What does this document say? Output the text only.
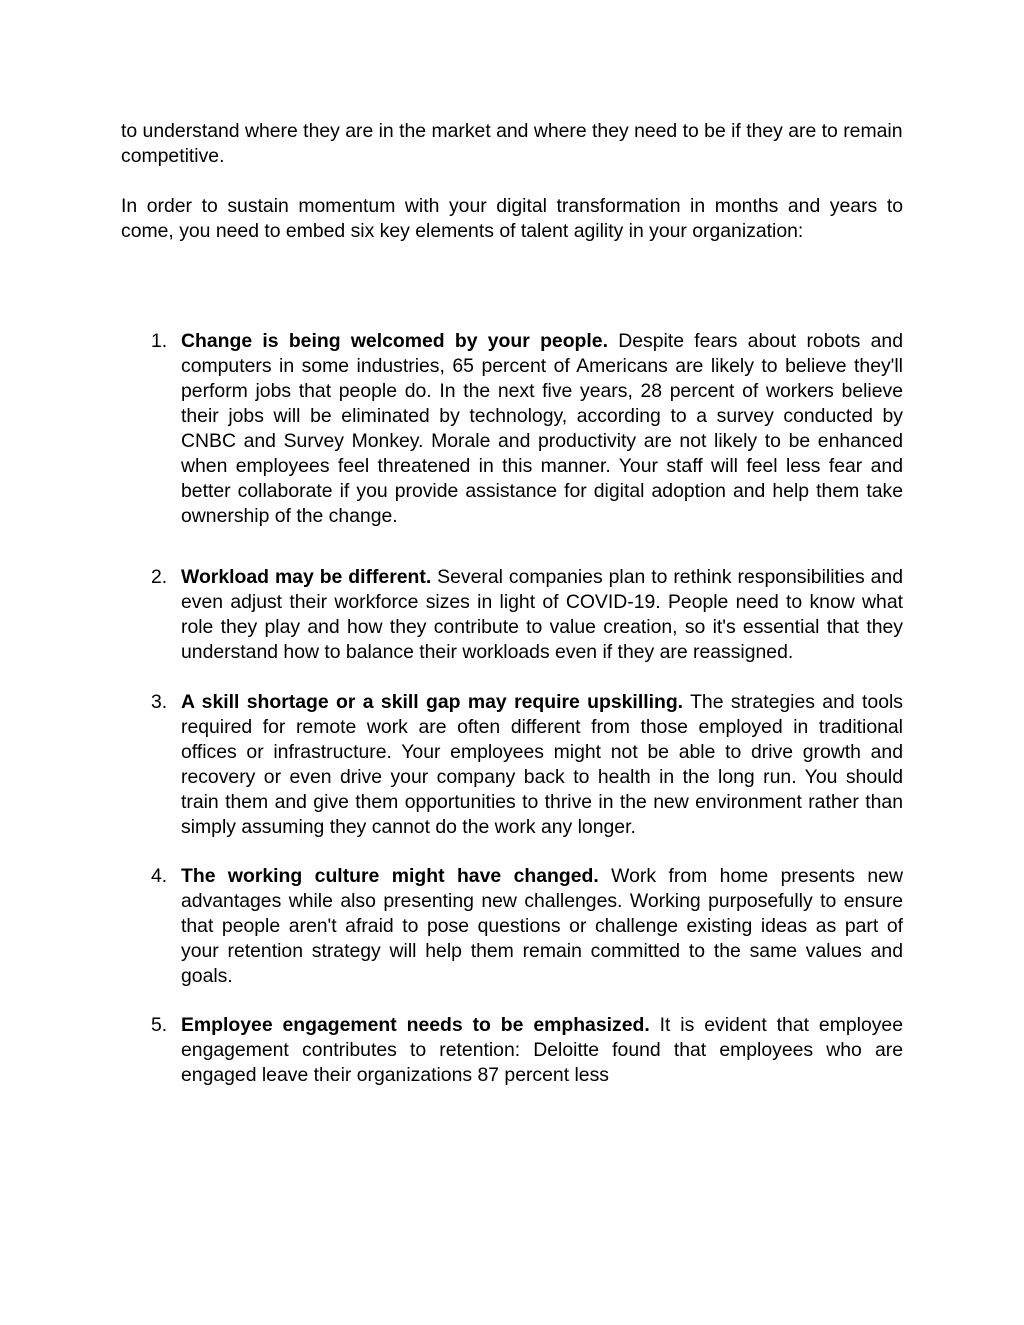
to understand where they are in the market and where they need to be if they are to remain competitive.

In order to sustain momentum with your digital transformation in months and years to come, you need to embed six key elements of talent agility in your organization:

1. Change is being welcomed by your people. Despite fears about robots and computers in some industries, 65 percent of Americans are likely to believe they'll perform jobs that people do. In the next five years, 28 percent of workers believe their jobs will be eliminated by technology, according to a survey conducted by CNBC and Survey Monkey. Morale and productivity are not likely to be enhanced when employees feel threatened in this manner. Your staff will feel less fear and better collaborate if you provide assistance for digital adoption and help them take ownership of the change.
2. Workload may be different. Several companies plan to rethink responsibilities and even adjust their workforce sizes in light of COVID-19. People need to know what role they play and how they contribute to value creation, so it's essential that they understand how to balance their workloads even if they are reassigned.
3. A skill shortage or a skill gap may require upskilling. The strategies and tools required for remote work are often different from those employed in traditional offices or infrastructure. Your employees might not be able to drive growth and recovery or even drive your company back to health in the long run. You should train them and give them opportunities to thrive in the new environment rather than simply assuming they cannot do the work any longer.
4. The working culture might have changed. Work from home presents new advantages while also presenting new challenges. Working purposefully to ensure that people aren't afraid to pose questions or challenge existing ideas as part of your retention strategy will help them remain committed to the same values and goals.
5. Employee engagement needs to be emphasized. It is evident that employee engagement contributes to retention: Deloitte found that employees who are engaged leave their organizations 87 percent less
